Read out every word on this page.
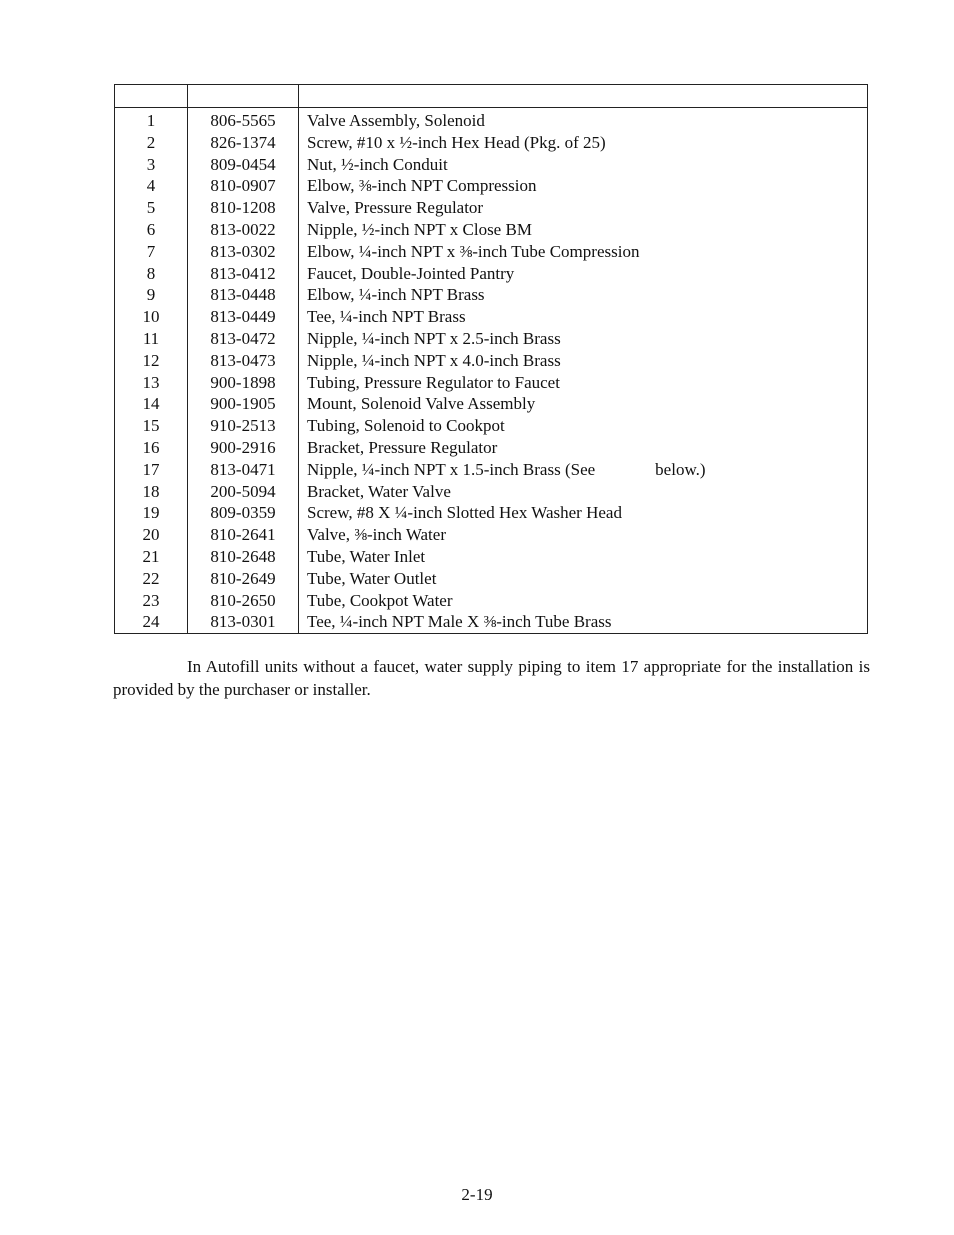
1	806-5565	Valve Assembly, Solenoid
2	826-1374	Screw, #10 x ½-inch Hex Head (Pkg. of 25)
3	809-0454	Nut, ½-inch Conduit
4	810-0907	Elbow, ⅜-inch NPT Compression
5	810-1208	Valve, Pressure Regulator
6	813-0022	Nipple, ½-inch NPT x Close BM
7	813-0302	Elbow, ¼-inch NPT x ⅜-inch Tube Compression
8	813-0412	Faucet, Double-Jointed Pantry
9	813-0448	Elbow, ¼-inch NPT Brass
10	813-0449	Tee, ¼-inch NPT Brass
11	813-0472	Nipple, ¼-inch NPT x 2.5-inch Brass
12	813-0473	Nipple, ¼-inch NPT x 4.0-inch Brass
13	900-1898	Tubing, Pressure Regulator to Faucet
14	900-1905	Mount, Solenoid Valve Assembly
15	910-2513	Tubing, Solenoid to Cookpot
16	900-2916	Bracket, Pressure Regulator
17	813-0471	Nipple, ¼-inch NPT x 1.5-inch Brass (See below.)
18	200-5094	Bracket, Water Valve
19	809-0359	Screw, #8 X ¼-inch Slotted Hex Washer Head
20	810-2641	Valve, ⅜-inch Water
21	810-2648	Tube, Water Inlet
22	810-2649	Tube, Water Outlet
23	810-2650	Tube, Cookpot Water
24	813-0301	Tee, ¼-inch NPT Male X ⅜-inch Tube Brass

In Autofill units without a faucet, water supply piping to item 17 appropriate for the installation is provided by the purchaser or installer.

2-19
